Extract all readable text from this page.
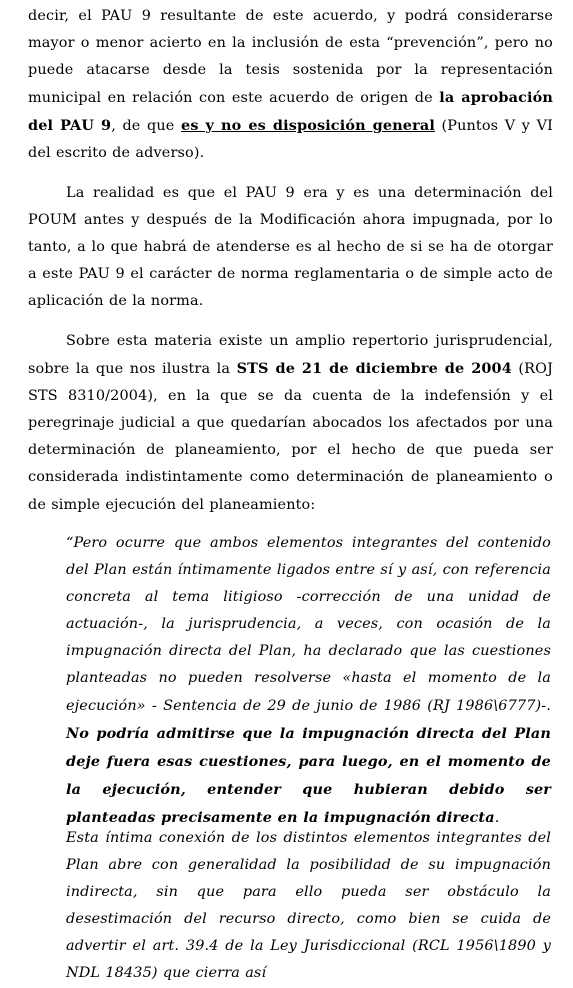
decir, el PAU 9 resultante de este acuerdo, y podrá considerarse mayor o menor acierto en la inclusión de esta “prevención”, pero no puede atacarse desde la tesis sostenida por la representación municipal en relación con este acuerdo de origen de la aprobación del PAU 9, de que es y no es disposición general (Puntos V y VI del escrito de adverso).

La realidad es que el PAU 9 era y es una determinación del POUM antes y después de la Modificación ahora impugnada, por lo tanto, a lo que habrá de atenderse es al hecho de si se ha de otorgar a este PAU 9 el carácter de norma reglamentaria o de simple acto de aplicación de la norma.

Sobre esta materia existe un amplio repertorio jurisprudencial, sobre la que nos ilustra la STS de 21 de diciembre de 2004 (ROJ STS 8310/2004), en la que se da cuenta de la indefensión y el peregrinaje judicial a que quedarían abocados los afectados por una determinación de planeamiento, por el hecho de que pueda ser considerada indistintamente como determinación de planeamiento o de simple ejecución del planeamiento:

“Pero ocurre que ambos elementos integrantes del contenido del Plan están íntimamente ligados entre sí y así, con referencia concreta al tema litigioso -corrección de una unidad de actuación-, la jurisprudencia, a veces, con ocasión de la impugnación directa del Plan, ha declarado que las cuestiones planteadas no pueden resolverse «hasta el momento de la ejecución» - Sentencia de 29 de junio de 1986 (RJ 1986\6777)-. No podría admitirse que la impugnación directa del Plan deje fuera esas cuestiones, para luego, en el momento de la ejecución, entender que hubieran debido ser planteadas precisamente en la impugnación directa.

Esta íntima conexión de los distintos elementos integrantes del Plan abre con generalidad la posibilidad de su impugnación indirecta, sin que para ello pueda ser obstáculo la desestimación del recurso directo, como bien se cuida de advertir el art. 39.4 de la Ley Jurisdiccional (RCL 1956\1890 y NDL 18435) que cierra así
